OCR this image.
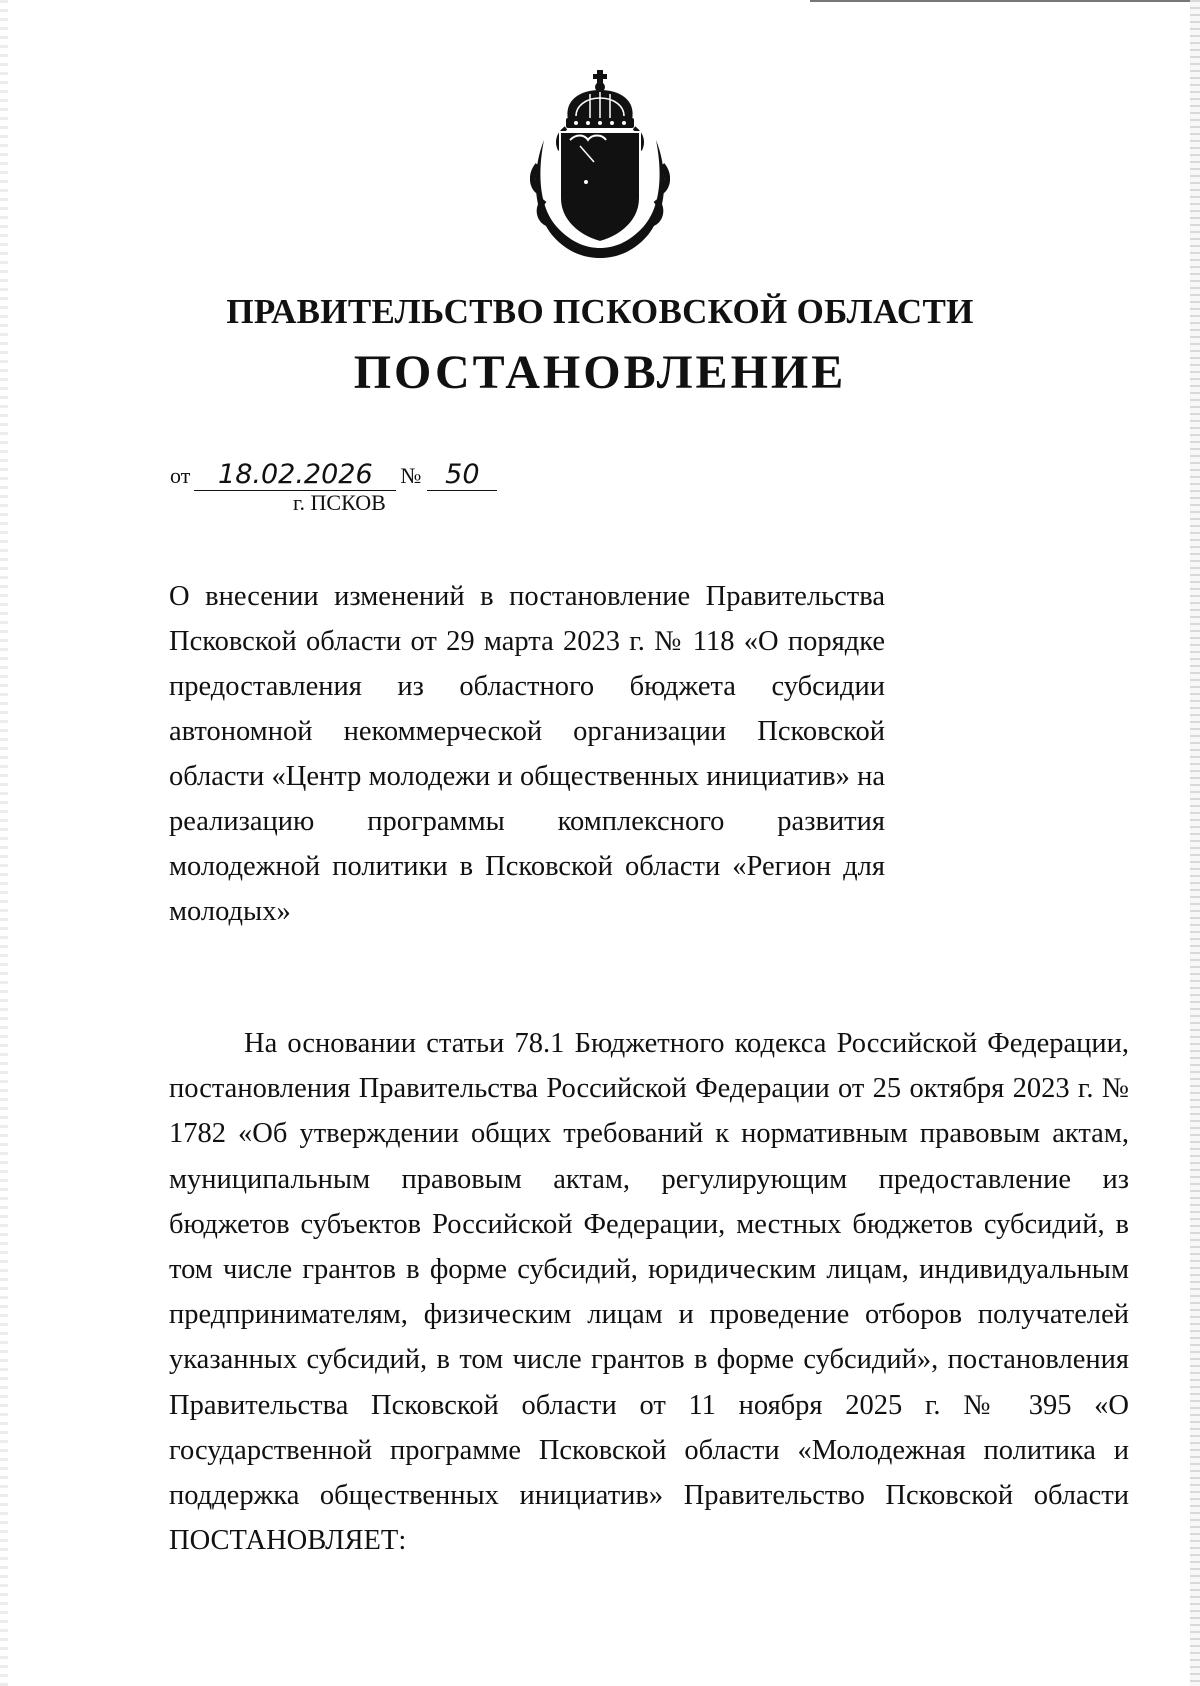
ПРАВИТЕЛЬСТВО ПСКОВСКОЙ ОБЛАСТИ
ПОСТАНОВЛЕНИЕ
от 18.02.2026 № 50
г. ПСКОВ

О внесении изменений в постановление Правительства Псковской области от 29 марта 2023 г. № 118 «О порядке предоставления из областного бюджета субсидии автономной некоммерческой организации Псковской области «Центр молодежи и общественных инициатив» на реализацию программы комплексного развития молодежной политики в Псковской области «Регион для молодых»

На основании статьи 78.1 Бюджетного кодекса Российской Федерации, постановления Правительства Российской Федерации от 25 октября 2023 г. № 1782 «Об утверждении общих требований к нормативным правовым актам, муниципальным правовым актам, регулирующим предоставление из бюджетов субъектов Российской Федерации, местных бюджетов субсидий, в том числе грантов в форме субсидий, юридическим лицам, индивидуальным предпринимателям, физическим лицам и проведение отборов получателей указанных субсидий, в том числе грантов в форме субсидий», постановления Правительства Псковской области от 11 ноября 2025 г. № 395 «О государственной программе Псковской области «Молодежная политика и поддержка общественных инициатив» Правительство Псковской области ПОСТАНОВЛЯЕТ:
